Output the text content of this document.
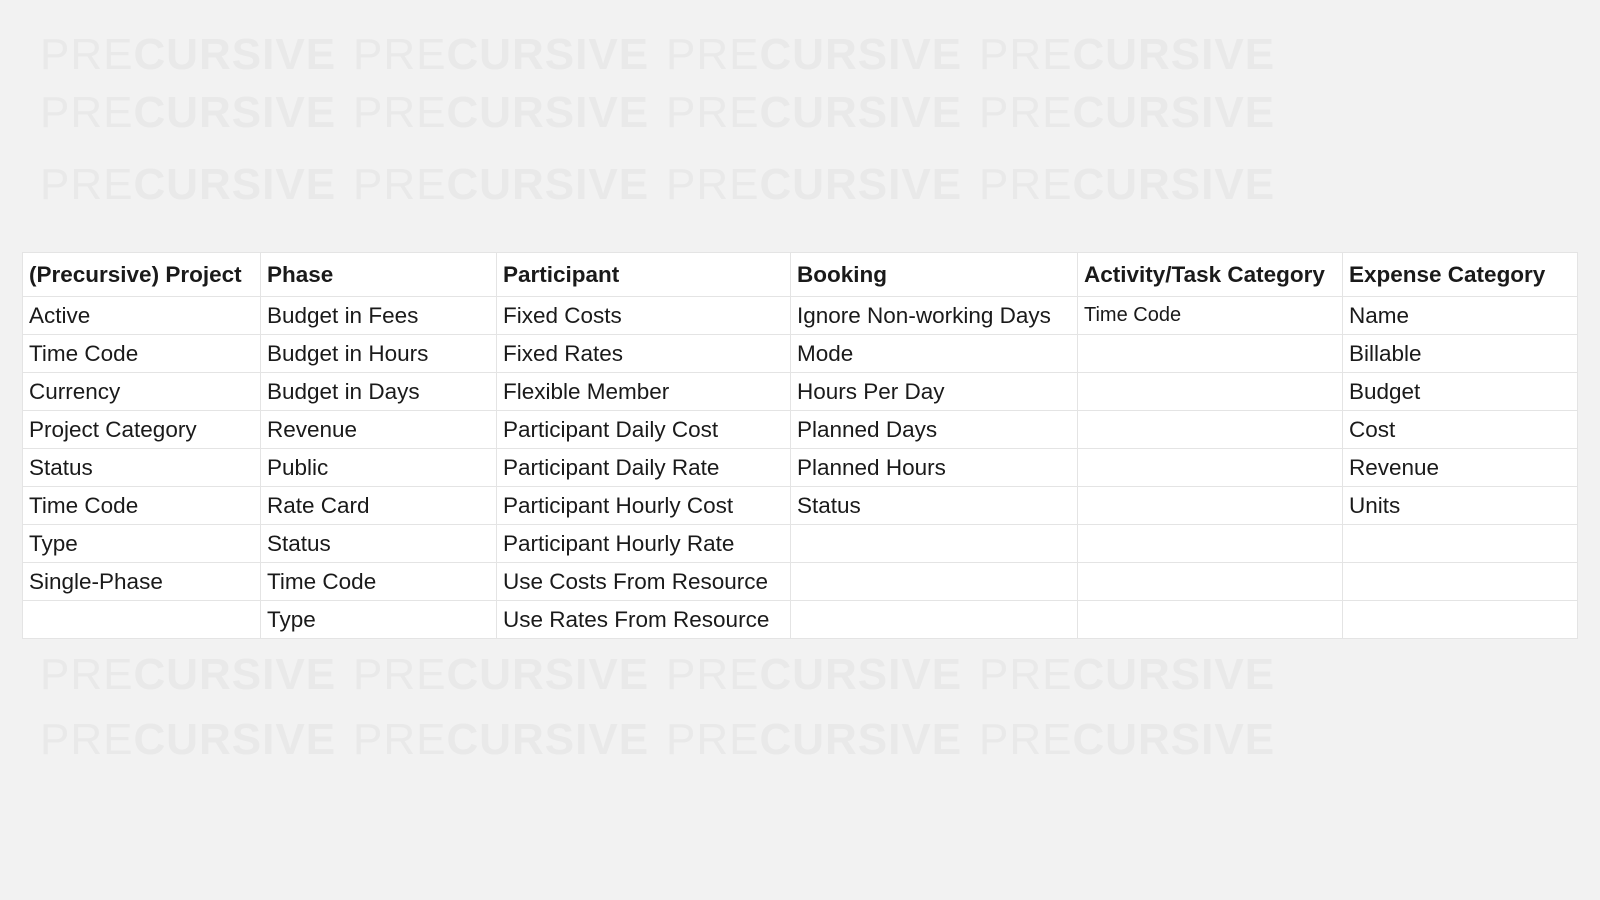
PRECURSIVE PRECURSIVE PRECURSIVE PRECURSIVE
PRECURSIVE PRECURSIVE PRECURSIVE PRECURSIVE
PRECURSIVE PRECURSIVE PRECURSIVE PRECURSIVE
PRECURSIVE PRECURSIVE PRECURSIVE PRECURSIVE
PRECURSIVE PRECURSIVE PRECURSIVE PRECURSIVE
(Precursive) Project	Phase	Participant	Booking	Activity/Task Category	Expense Category
Active	Budget in Fees	Fixed Costs	Ignore Non-working Days	Time Code	Name
Time Code	Budget in Hours	Fixed Rates	Mode		Billable
Currency	Budget in Days	Flexible Member	Hours Per Day		Budget
Project Category	Revenue	Participant Daily Cost	Planned Days		Cost
Status	Public	Participant Daily Rate	Planned Hours		Revenue
Time Code	Rate Card	Participant Hourly Cost	Status		Units
Type	Status	Participant Hourly Rate			
Single-Phase	Time Code	Use Costs From Resource			
	Type	Use Rates From Resource			
